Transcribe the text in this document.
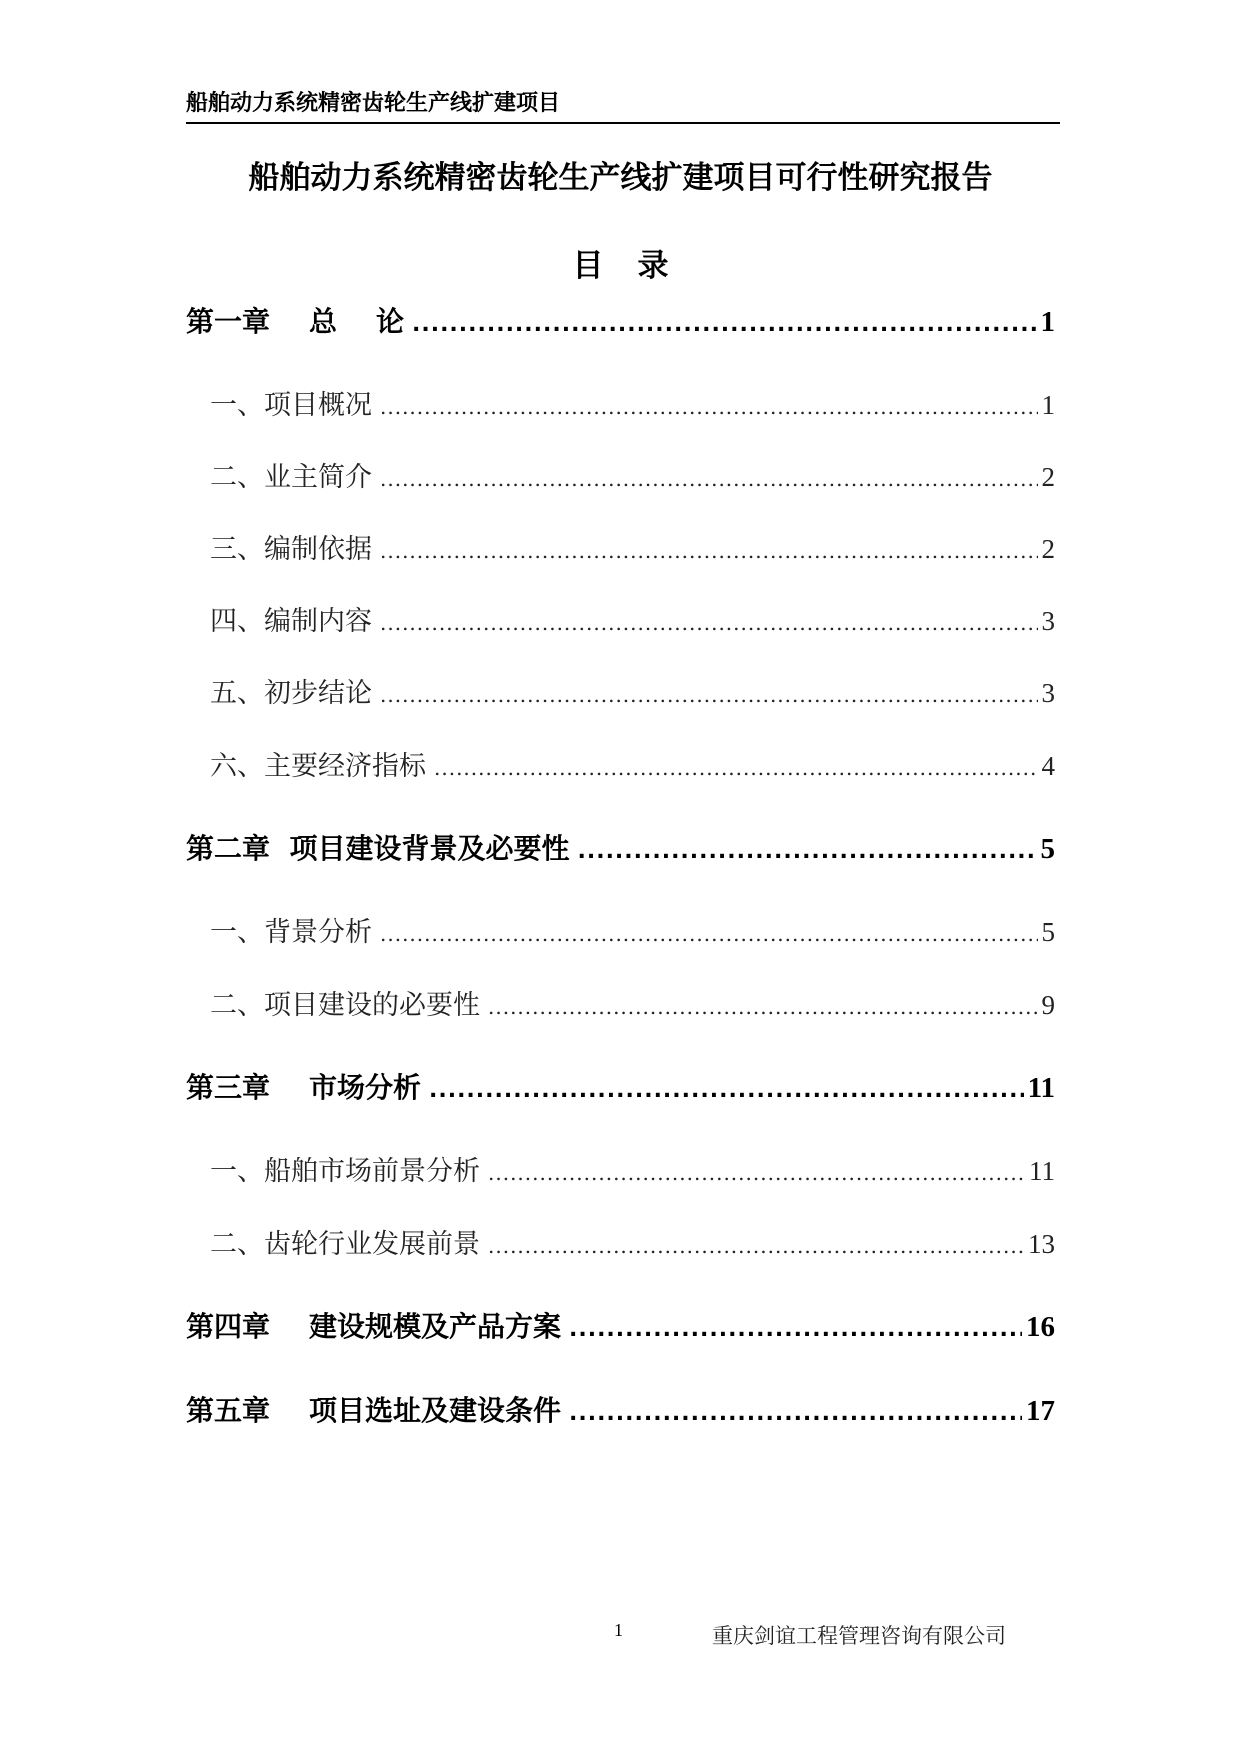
船舶动力系统精密齿轮生产线扩建项目
船舶动力系统精密齿轮生产线扩建项目可行性研究报告
目录
第一章    总    论 .....	1
一、项目概况 .....	1
二、业主简介 .....	2
三、编制依据 .....	2
四、编制内容 .....	3
五、初步结论 .....	3
六、主要经济指标 .....	4
第二章  项目建设背景及必要性 .....	5
一、背景分析 .....	5
二、项目建设的必要性 .....	9
第三章    市场分析 .....	11
一、船舶市场前景分析 .....	11
二、齿轮行业发展前景 .....	13
第四章    建设规模及产品方案 .....	16
第五章    项目选址及建设条件 .....	17
1	重庆剑谊工程管理咨询有限公司
